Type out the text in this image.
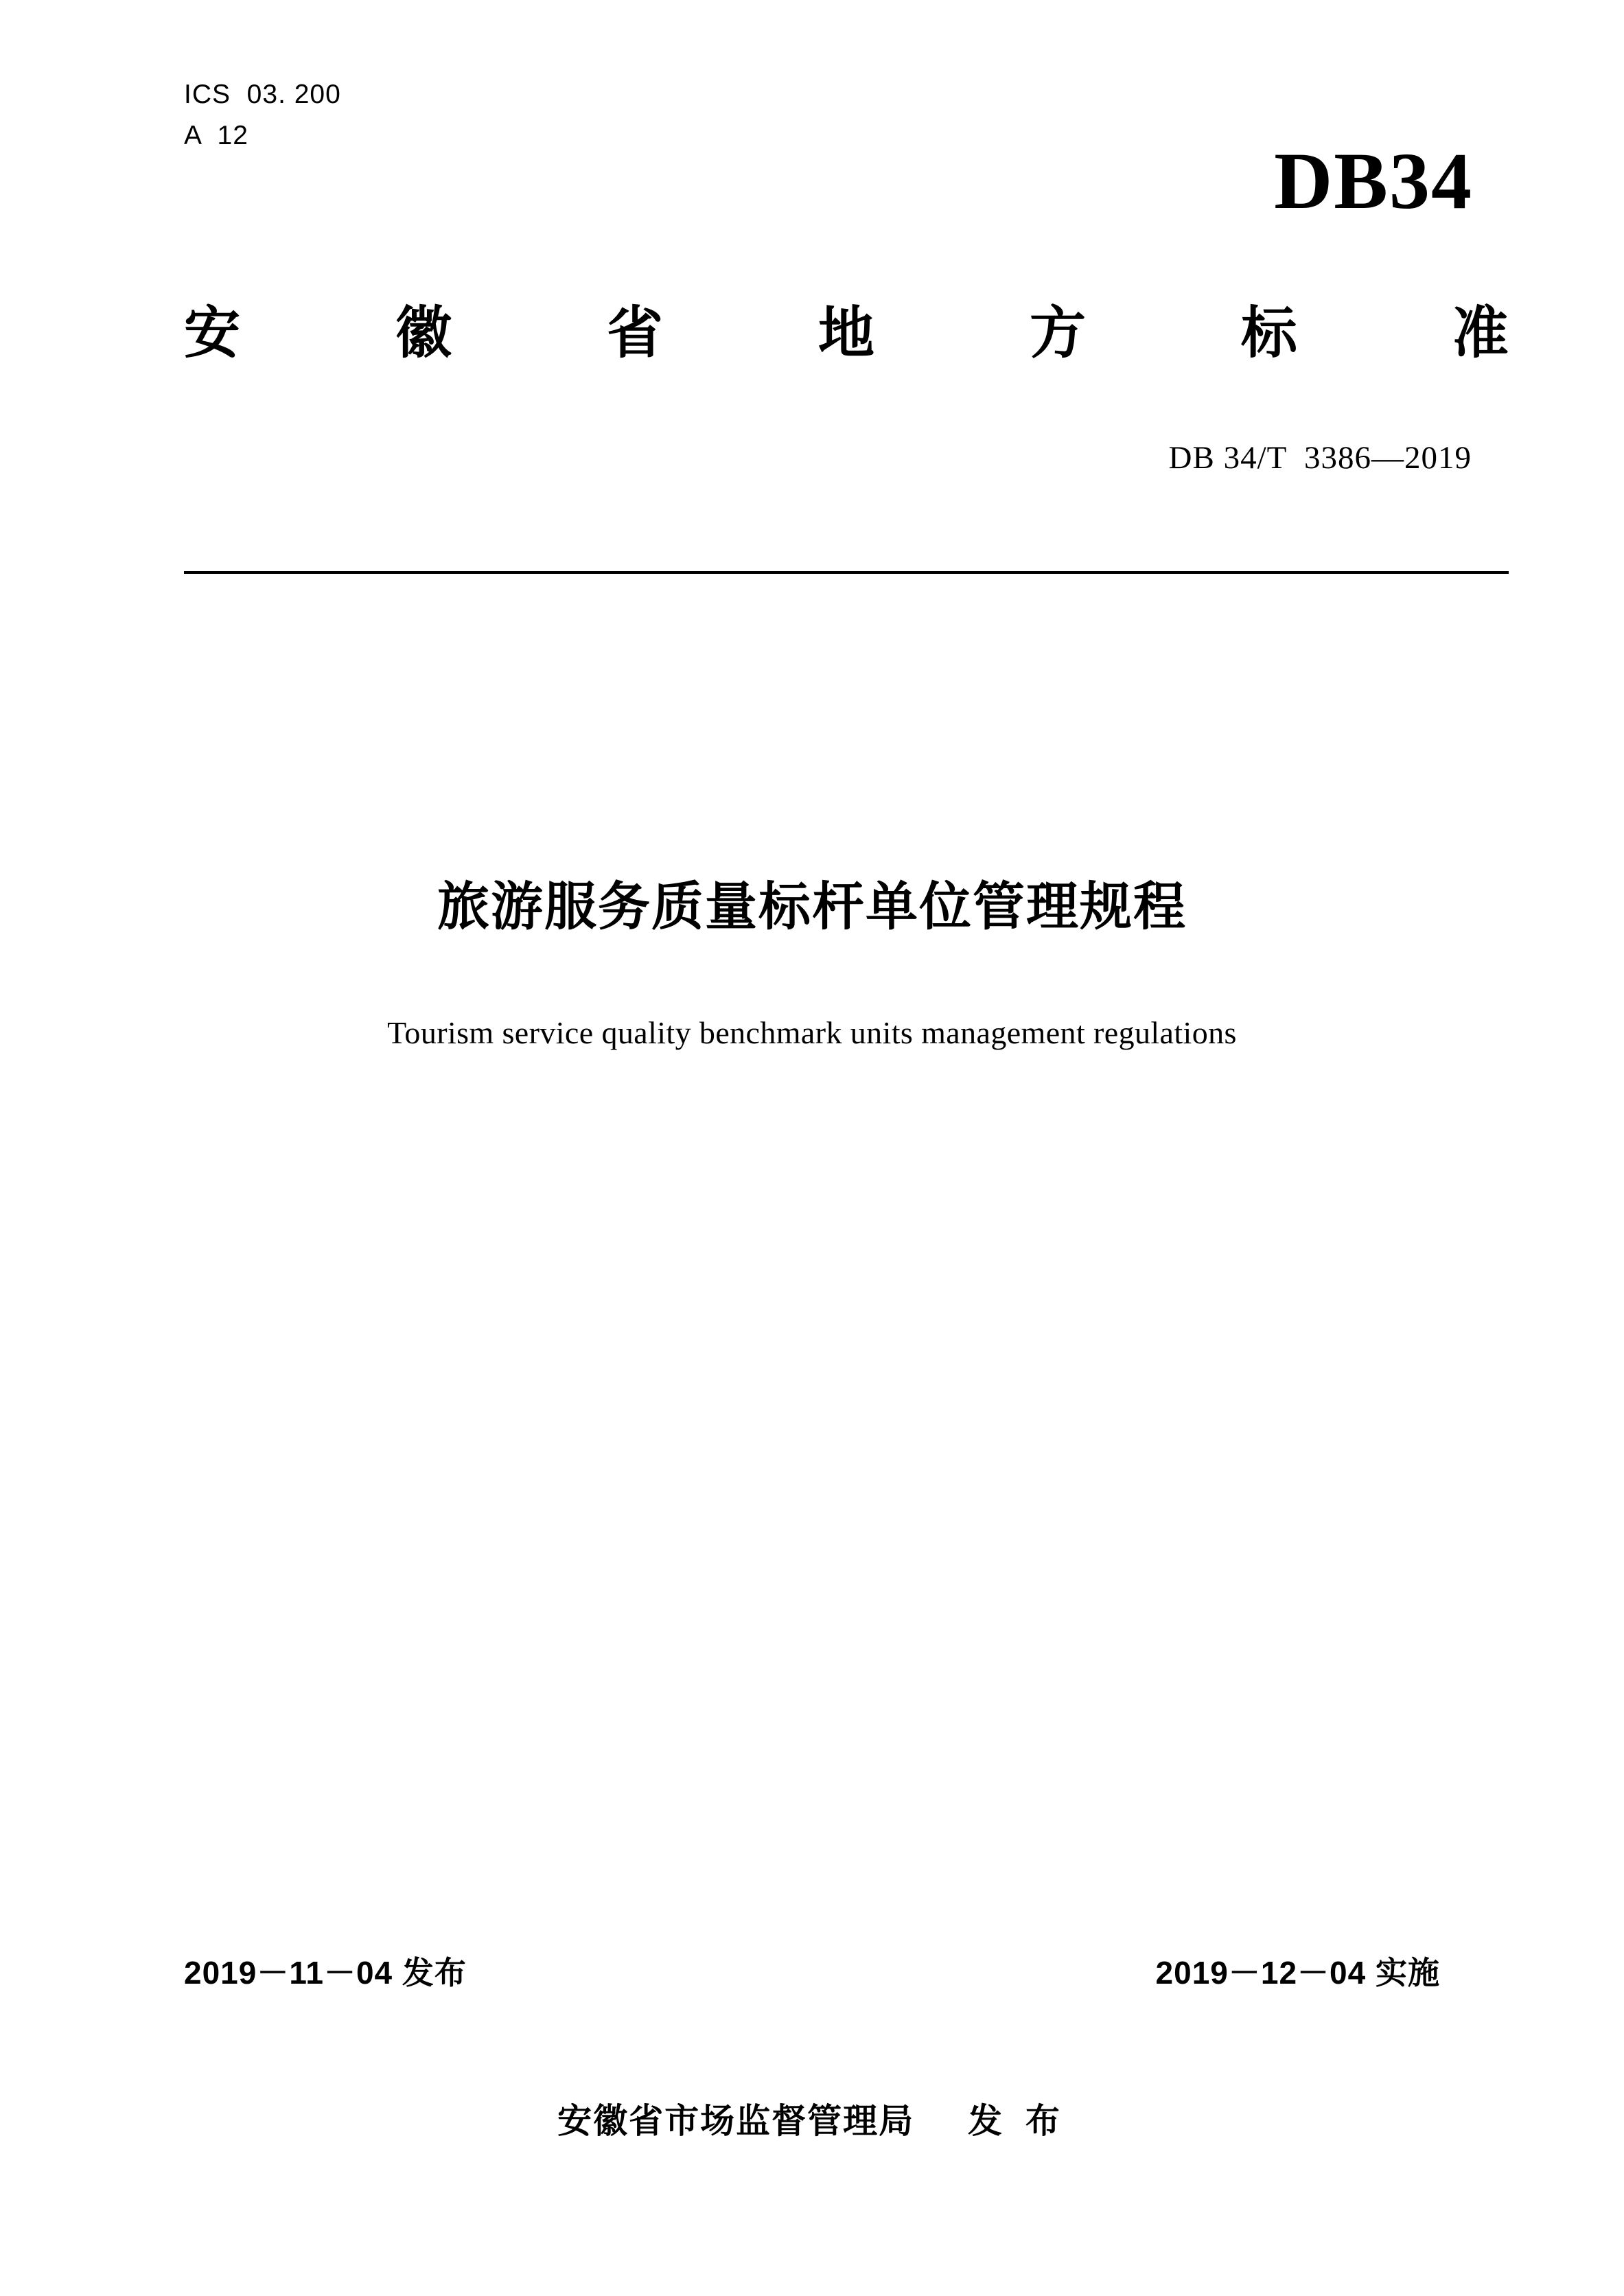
ICS  03. 200
A  12
DB34
安	徽	省	地	方	标	准
DB 34/T  3386—2019
旅游服务质量标杆单位管理规程
Tourism service quality benchmark units management regulations
2019－11－04 发布	2019－12－04 实施
安徽省市场监督管理局 发 布
